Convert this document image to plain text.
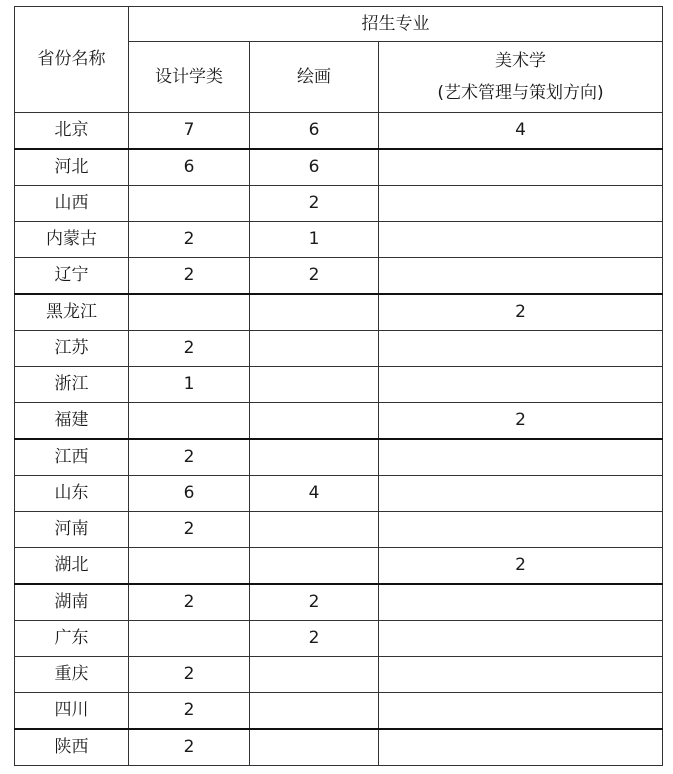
省份名称	招生专业		
	设计学类	绘画	美术学
(艺术管理与策划方向)

北京	7	6	4
河北	6	6	
山西		2	
内蒙古	2	1	
辽宁	2	2	
黑龙江			2
江苏	2		
浙江	1		
福建			2
江西	2		
山东	6	4	
河南	2		
湖北			2
湖南	2	2	
广东		2	
重庆	2		
四川	2		
陕西	2		
